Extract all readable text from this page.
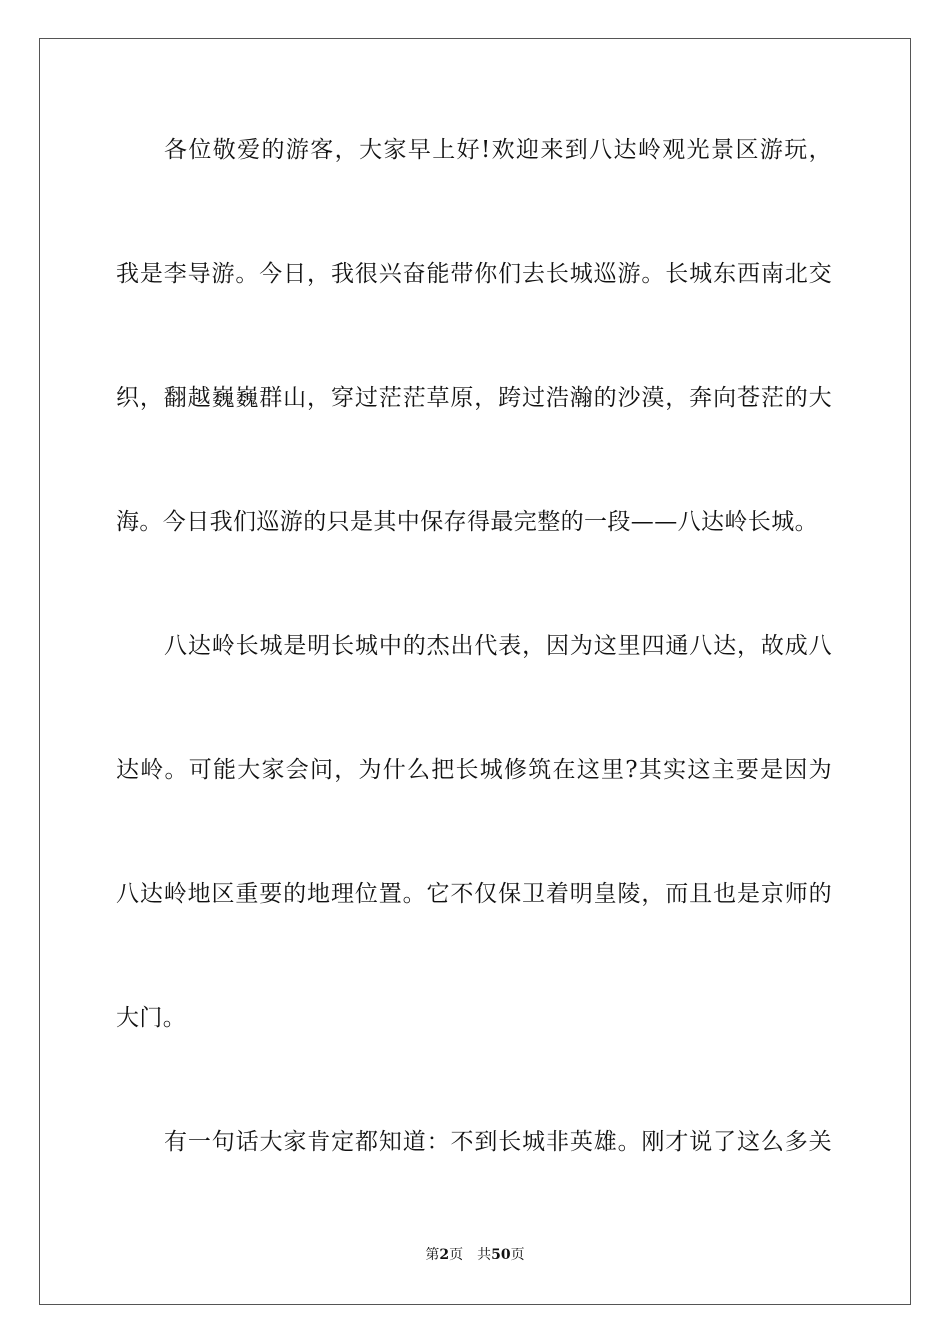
各位敬爱的游客，大家早上好!欢迎来到八达岭观光景区游玩，
我是李导游。今日，我很兴奋能带你们去长城巡游。长城东西南北交
织，翻越巍巍群山，穿过茫茫草原，跨过浩瀚的沙漠，奔向苍茫的大
海。今日我们巡游的只是其中保存得最完整的一段——八达岭长城。
八达岭长城是明长城中的杰出代表，因为这里四通八达，故成八
达岭。可能大家会问，为什么把长城修筑在这里?其实这主要是因为
八达岭地区重要的地理位置。它不仅保卫着明皇陵，而且也是京师的
大门。
有一句话大家肯定都知道：不到长城非英雄。刚才说了这么多关
第2页 共50页
